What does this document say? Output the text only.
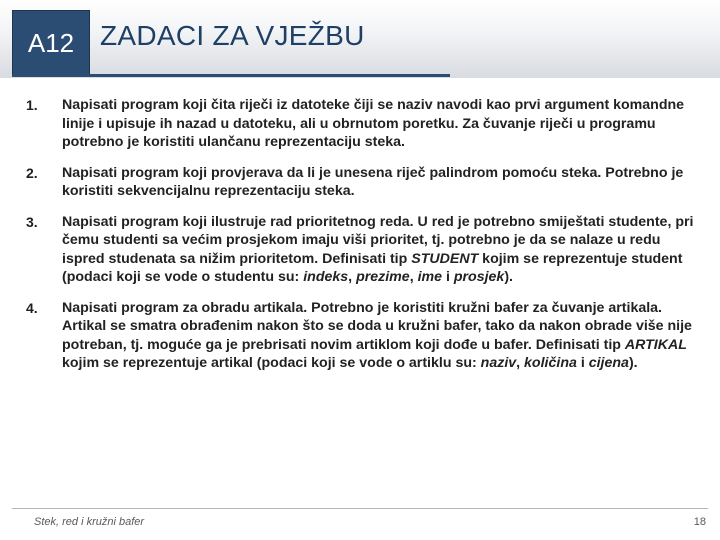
A12 ZADACI ZA VJEŽBU
1.	Napisati program koji čita riječi iz datoteke čiji se naziv navodi kao prvi argument komandne linije i upisuje ih nazad u datoteku, ali u obrnutom poretku. Za čuvanje riječi u programu potrebno je koristiti ulančanu reprezentaciju steka.
2.	Napisati program koji provjerava da li je unesena riječ palindrom pomoću steka. Potrebno je koristiti sekvencijalnu reprezentaciju steka.
3.	Napisati program koji ilustruje rad prioritetnog reda. U red je potrebno smiještati studente, pri čemu studenti sa većim prosjekom imaju viši prioritet, tj. potrebno je da se nalaze u redu ispred studenata sa nižim prioritetom. Definisati tip STUDENT kojim se reprezentuje student (podaci koji se vode o studentu su: indeks, prezime, ime i prosjek).
4.	Napisati program za obradu artikala. Potrebno je koristiti kružni bafer za čuvanje artikala. Artikal se smatra obrađenim nakon što se doda u kružni bafer, tako da nakon obrade više nije potreban, tj. moguće ga je prebrisati novim artiklom koji dođe u bafer. Definisati tip ARTIKAL kojim se reprezentuje artikal (podaci koji se vode o artiklu su: naziv, količina i cijena).
Stek, red i kružni bafer	18
